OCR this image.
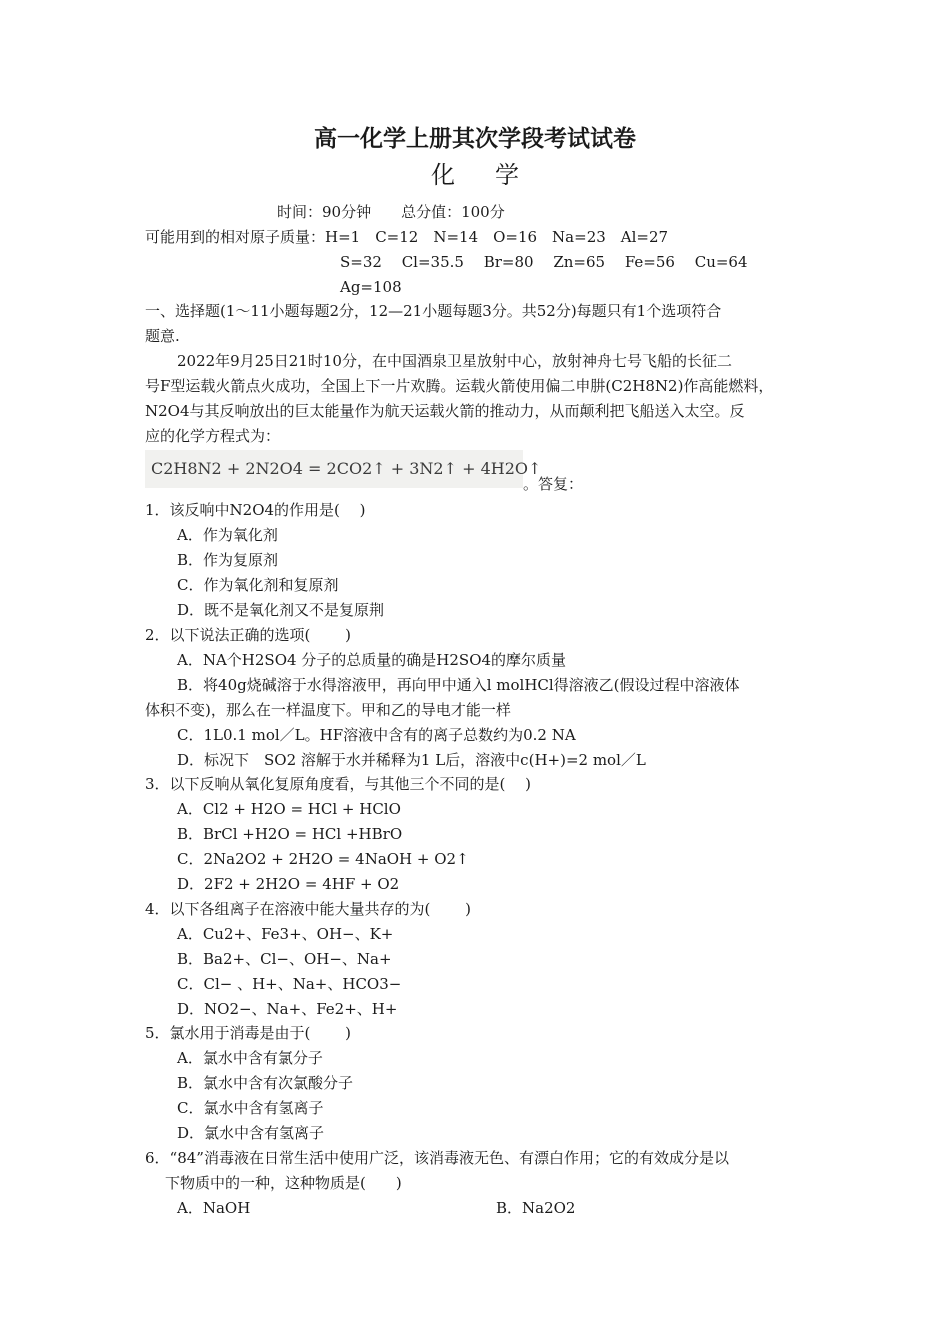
高一化学上册其次学段考试试卷
化学
时间：90分钟　　总分值：100分
可能用到的相对原子质量：H=1　C=12　N=14　O=16　Na=23　Al=27
S=32　 Cl=35.5　 Br=80　 Zn=65　 Fe=56　 Cu=64
Ag=108
一、选择题(1～11小题每题2分，12—21小题每题3分。共52分)每题只有1个选项符合
题意.
2022年9月25日21时10分，在中国酒泉卫星放射中心，放射神舟七号飞船的长征二
号F型运载火箭点火成功，全国上下一片欢腾。运载火箭使用偏二申肼(C2H8N2)作高能燃料，
N2O4与其反响放出的巨太能量作为航天运载火箭的推动力，从而颠利把飞船送入太空。反
应的化学方程式为：
C2H8N2 + 2N2O4 = 2CO2↑ + 3N2↑ + 4H2O↑
。答复：
1．该反响中N2O4的作用是(　 )
A．作为氧化剂
B．作为复原剂
C．作为氧化剂和复原剂
D．既不是氧化剂又不是复原荆
2．以下说法正确的选项(　 　)
A．NA个H2SO4 分子的总质量的确是H2SO4的摩尔质量
B．将40g烧碱溶于水得溶液甲，再向甲中通入l molHCl得溶液乙(假设过程中溶液体
体积不变)，那么在一样温度下。甲和乙的导电才能一样
C．1L0.1 mol／L。HF溶液中含有的离子总数约为0.2 NA
D．标况下　SO2 溶解于水并稀释为1 L后，溶液中c(H+)=2 mol／L
3．以下反响从氧化复原角度看，与其他三个不同的是(　 )
A．Cl2 + H2O = HCl + HClO
B．BrCl +H2O = HCl +HBrO
C．2Na2O2 + 2H2O = 4NaOH + O2↑
D．2F2 + 2H2O = 4HF + O2
4．以下各组离子在溶液中能大量共存的为(　 　)
A．Cu2+、Fe3+、OH−、K+
B．Ba2+、Cl−、OH−、Na+
C．Cl− 、H+、Na+、HCO3−
D．NO2−、Na+、Fe2+、H+
5．氯水用于消毒是由于(　 　)
A．氯水中含有氯分子
B．氯水中含有次氯酸分子
C．氯水中含有氢离子
D．氯水中含有氢离子
6．“84”消毒液在日常生活中使用广泛，该消毒液无色、有漂白作用；它的有效成分是以
下物质中的一种，这种物质是(　　)
A．NaOH	B．Na2O2
